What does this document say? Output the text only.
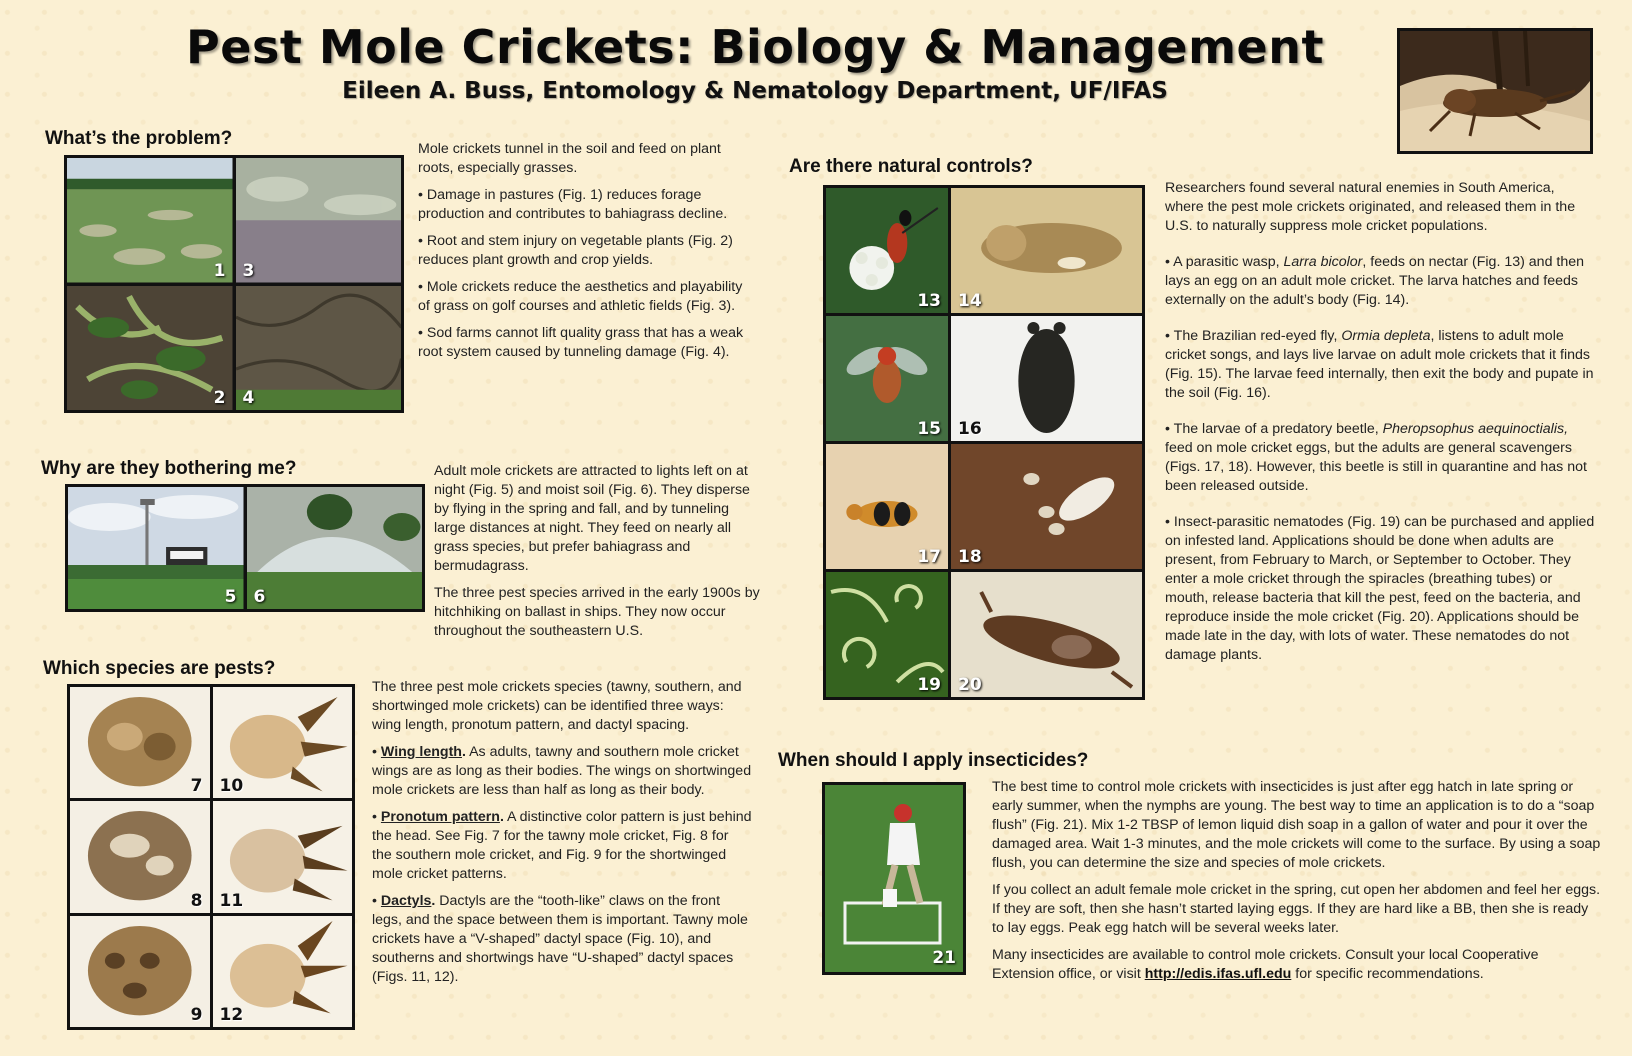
Pest Mole Crickets: Biology & Management
Eileen A. Buss, Entomology & Nematology Department, UF/IFAS
What’s the problem?
1 3
2 4

Mole crickets tunnel in the soil and feed on plant roots, especially grasses.

• Damage in pastures (Fig. 1) reduces forage production and contributes to bahiagrass decline.

• Root and stem injury on vegetable plants (Fig. 2) reduces plant growth and crop yields.

• Mole crickets reduce the aesthetics and playability of grass on golf courses and athletic fields (Fig. 3).

• Sod farms cannot lift quality grass that has a weak root system caused by tunneling damage (Fig. 4).

Why are they bothering me?
5 6

Adult mole crickets are attracted to lights left on at night (Fig. 5) and moist soil (Fig. 6). They disperse by flying in the spring and fall, and by tunneling large distances at night. They feed on nearly all grass species, but prefer bahiagrass and bermudagrass.

The three pest species arrived in the early 1900s by hitchhiking on ballast in ships. They now occur throughout the southeastern U.S.

Which species are pests?
7 10
8 11
9 12

The three pest mole crickets species (tawny, southern, and shortwinged mole crickets) can be identified three ways: wing length, pronotum pattern, and dactyl spacing.

• Wing length. As adults, tawny and southern mole cricket wings are as long as their bodies. The wings on shortwinged mole crickets are less than half as long as their body.

• Pronotum pattern. A distinctive color pattern is just behind the head. See Fig. 7 for the tawny mole cricket, Fig. 8 for the southern mole cricket, and Fig. 9 for the shortwinged mole cricket patterns.

• Dactyls. Dactyls are the “tooth-like” claws on the front legs, and the space between them is important. Tawny mole crickets have a “V-shaped” dactyl space (Fig. 10), and southerns and shortwings have “U-shaped” dactyl spaces (Figs. 11, 12).

Are there natural controls?
13 14
15 16
17 18
19 20

Researchers found several natural enemies in South America, where the pest mole crickets originated, and released them in the U.S. to naturally suppress mole cricket populations.

• A parasitic wasp, Larra bicolor, feeds on nectar (Fig. 13) and then lays an egg on an adult mole cricket. The larva hatches and feeds externally on the adult’s body (Fig. 14).

• The Brazilian red-eyed fly, Ormia depleta, listens to adult mole cricket songs, and lays live larvae on adult mole crickets that it finds (Fig. 15). The larvae feed internally, then exit the body and pupate in the soil (Fig. 16).

• The larvae of a predatory beetle, Pheropsophus aequinoctialis, feed on mole cricket eggs, but the adults are general scavengers (Figs. 17, 18). However, this beetle is still in quarantine and has not been released outside.

• Insect-parasitic nematodes (Fig. 19) can be purchased and applied on infested land. Applications should be done when adults are present, from February to March, or September to October. They enter a mole cricket through the spiracles (breathing tubes) or mouth, release bacteria that kill the pest, feed on the bacteria, and reproduce inside the mole cricket (Fig. 20). Applications should be made late in the day, with lots of water. These nematodes do not damage plants.

When should I apply insecticides?
21

The best time to control mole crickets with insecticides is just after egg hatch in late spring or early summer, when the nymphs are young. The best way to time an application is to do a “soap flush” (Fig. 21). Mix 1-2 TBSP of lemon liquid dish soap in a gallon of water and pour it over the damaged area. Wait 1-3 minutes, and the mole crickets will come to the surface. By using a soap flush, you can determine the size and species of mole crickets.

If you collect an adult female mole cricket in the spring, cut open her abdomen and feel her eggs. If they are soft, then she hasn’t started laying eggs. If they are hard like a BB, then she is ready to lay eggs. Peak egg hatch will be several weeks later.

Many insecticides are available to control mole crickets. Consult your local Cooperative Extension office, or visit http://edis.ifas.ufl.edu for specific recommendations.
